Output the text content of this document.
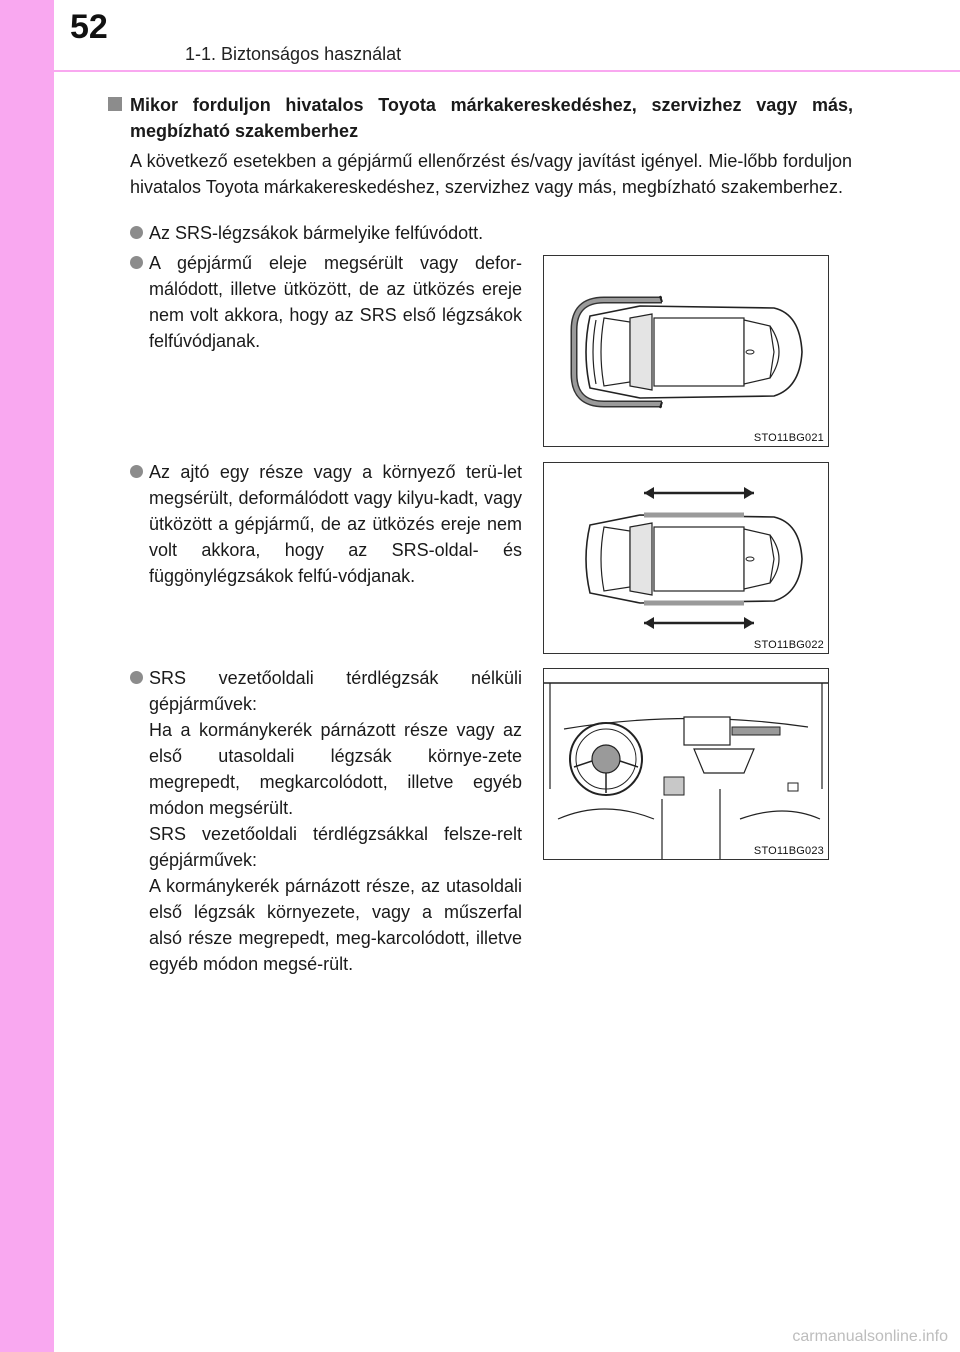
52
1-1. Biztonságos használat
Mikor forduljon hivatalos Toyota márkakereskedéshez, szervizhez vagy más, megbízható szakemberhez
A következő esetekben a gépjármű ellenőrzést és/vagy javítást igényel. Mie-lőbb forduljon hivatalos Toyota márkakereskedéshez, szervizhez vagy más, megbízható szakemberhez.
Az SRS-légzsákok bármelyike felfúvódott.
A gépjármű eleje megsérült vagy defor-málódott, illetve ütközött, de az ütközés ereje nem volt akkora, hogy az SRS első légzsákok felfúvódjanak.
Az ajtó egy része vagy a környező terü-let megsérült, deformálódott vagy kilyu-kadt, vagy ütközött a gépjármű, de az ütközés ereje nem volt akkora, hogy az SRS-oldal- és függönylégzsákok felfú-vódjanak.
SRS vezetőoldali térdlégzsák nélküli gépjárművek:
Ha a kormánykerék párnázott része vagy az első utasoldali légzsák környe-zete megrepedt, megkarcolódott, illetve egyéb módon megsérült.
SRS vezetőoldali térdlégzsákkal felsze-relt gépjárművek:
A kormánykerék párnázott része, az utasoldali első légzsák környezete, vagy a műszerfal alsó része megrepedt, meg-karcolódott, illetve egyéb módon megsé-rült.
STO11BG021
STO11BG022
STO11BG023
carmanualsonline.info
